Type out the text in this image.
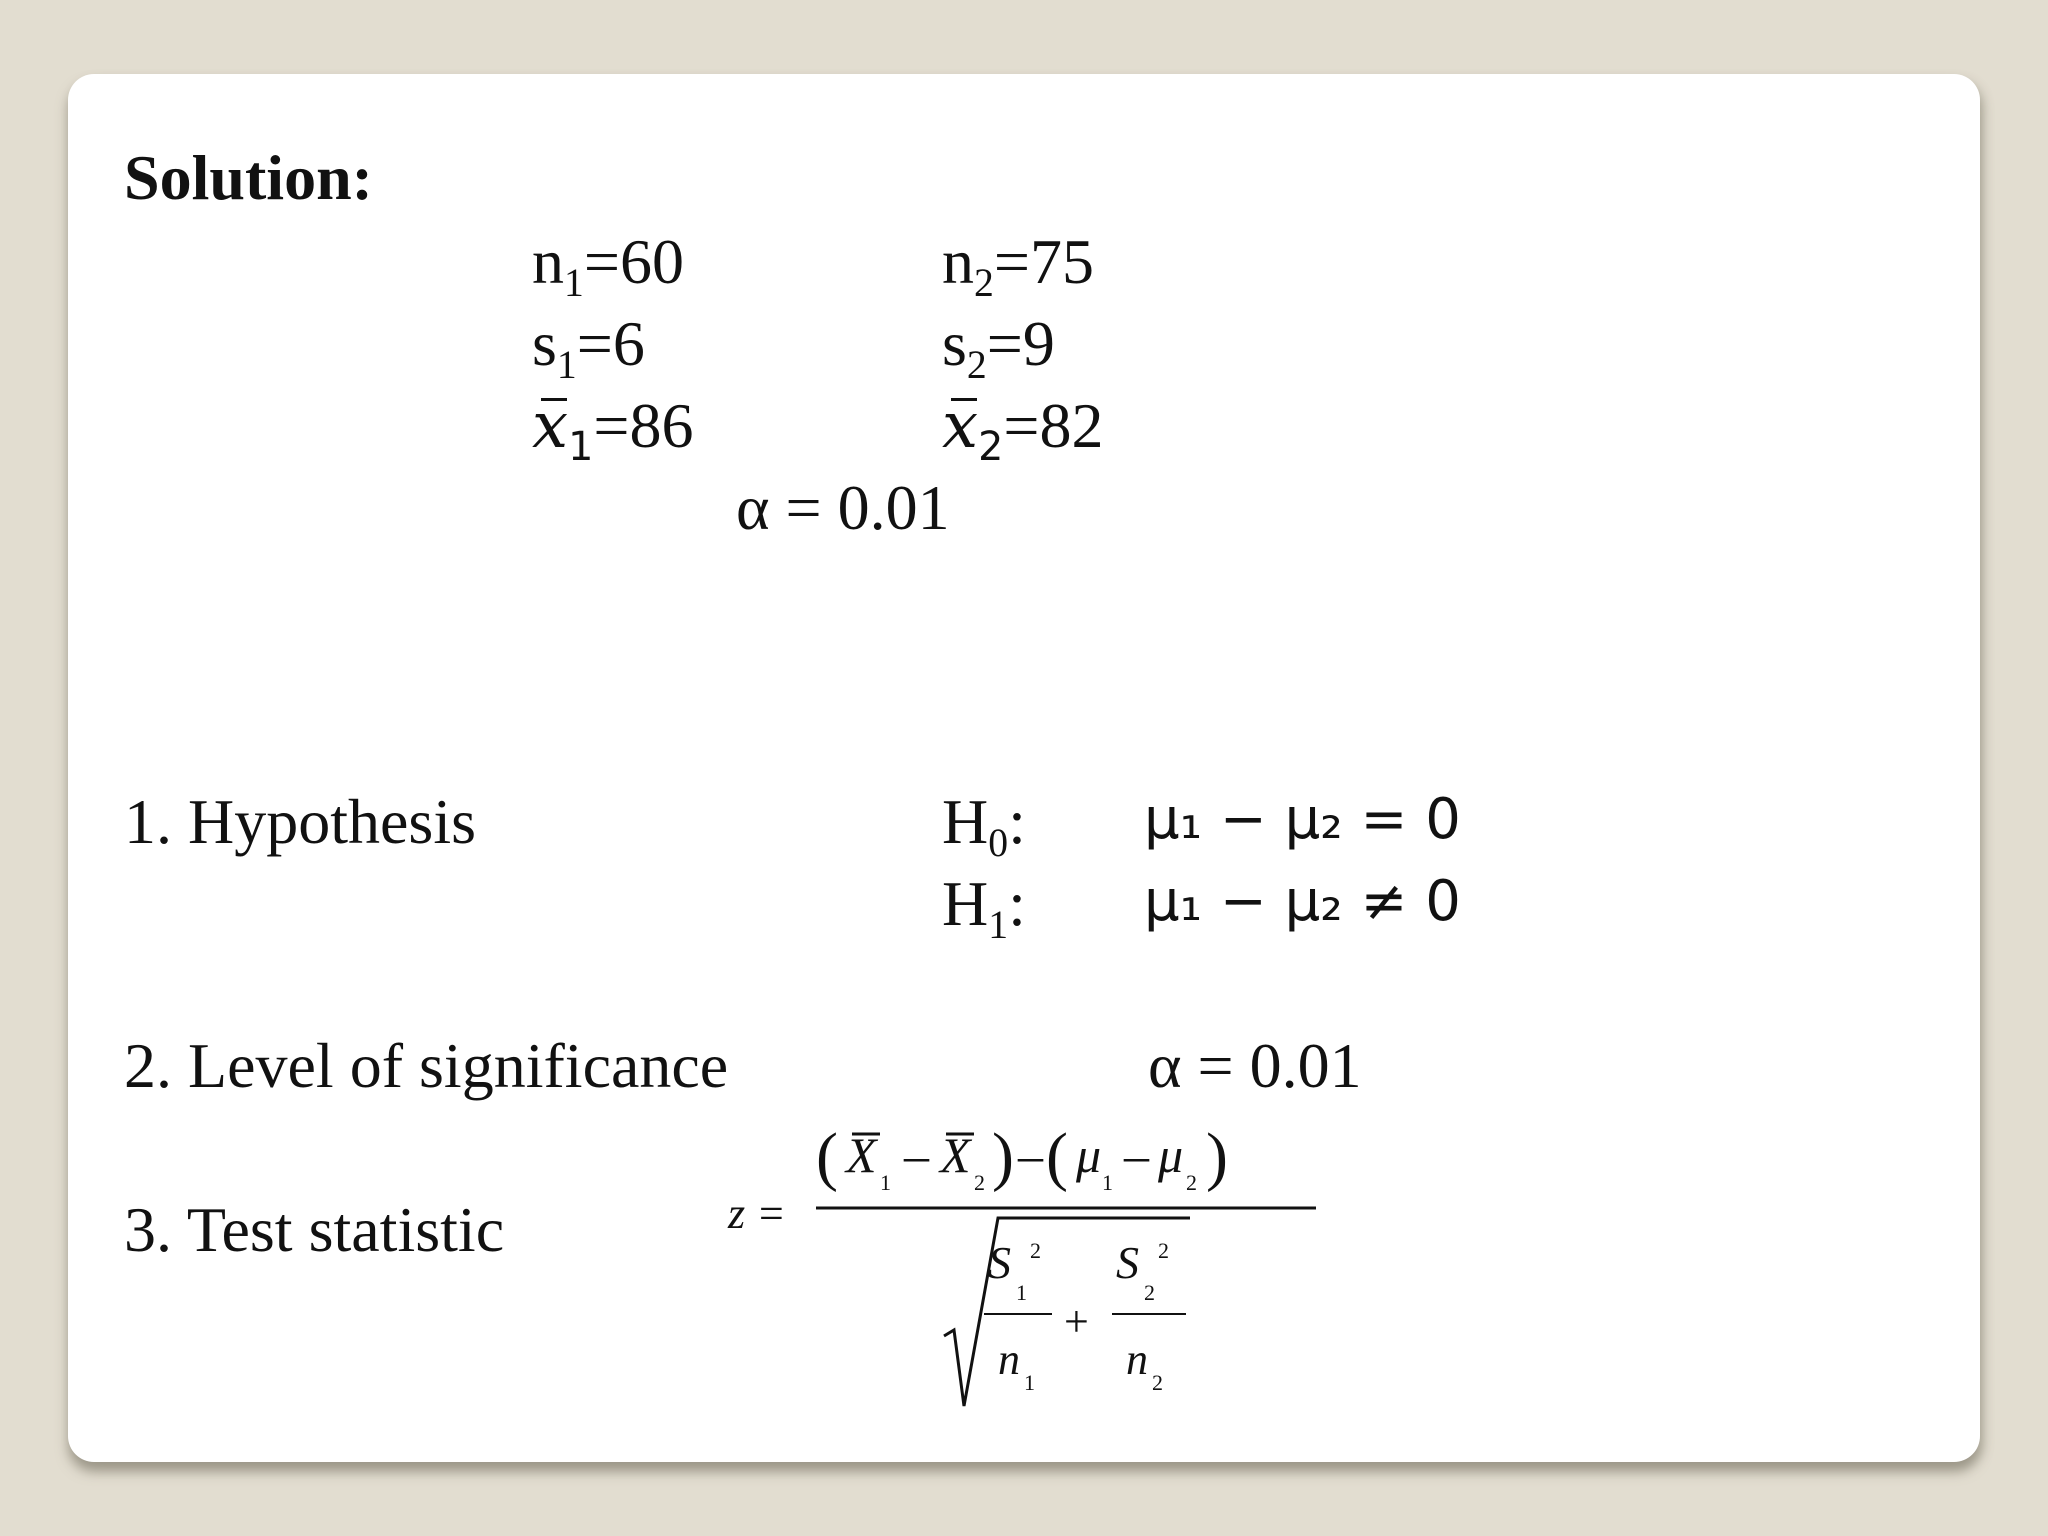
Solution:
$n_1=60$	$n_2=75$
$s_1=6$	$s_2=9$
$x_1=86$	$x_2=82$
α = 0.01
1. Hypothesis	$H_0$: μ₁ − μ₂ = 0
$H_1$: μ₁ − μ₂ ≠ 0
2. Level of significance	α = 0.01
3. Test statistic	z =
( X 1 – X 2 ) – ( μ 1 – μ 2 )
S 2
1
n 1
+
S 2
2
n 2
